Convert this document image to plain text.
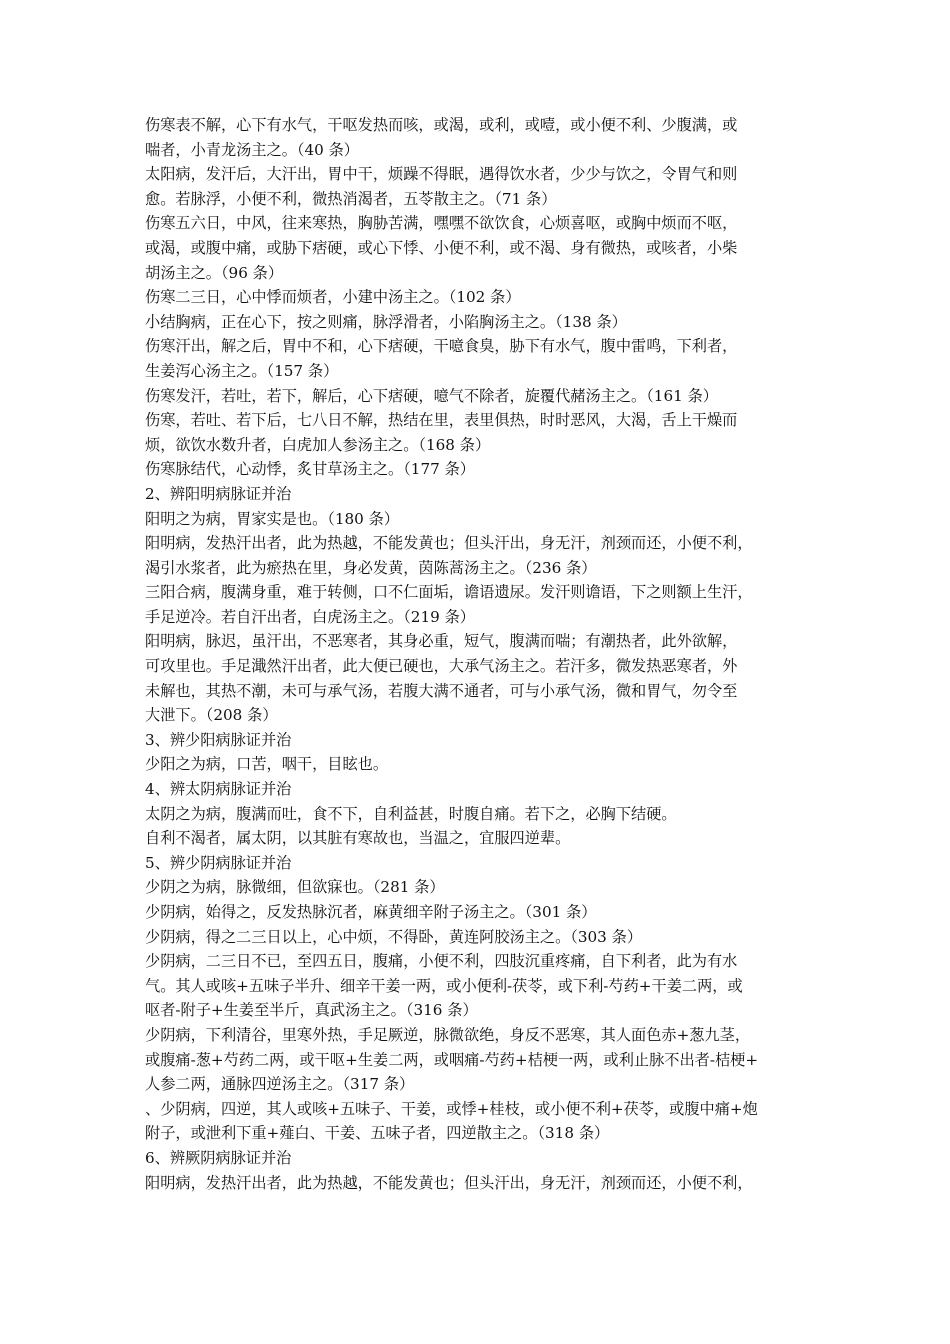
伤寒表不解，心下有水气，干呕发热而咳，或渴，或利，或噎，或小便不利、少腹满，或
喘者，小青龙汤主之。（40 条）
太阳病，发汗后，大汗出，胃中干，烦躁不得眠，遇得饮水者，少少与饮之，令胃气和则
愈。若脉浮，小便不利，微热消渴者，五苓散主之。（71 条）
伤寒五六日，中风，往来寒热，胸胁苦满，嘿嘿不欲饮食，心烦喜呕，或胸中烦而不呕，
或渴，或腹中痛，或胁下痞硬，或心下悸、小便不利，或不渴、身有微热，或咳者，小柴
胡汤主之。（96 条）
伤寒二三日，心中悸而烦者，小建中汤主之。（102 条）
小结胸病，正在心下，按之则痛，脉浮滑者，小陷胸汤主之。（138 条）
伤寒汗出，解之后，胃中不和，心下痞硬，干噫食臭，胁下有水气，腹中雷鸣，下利者，
生姜泻心汤主之。（157 条）
伤寒发汗，若吐，若下，解后，心下痞硬，噫气不除者，旋覆代赭汤主之。（161 条）
伤寒，若吐、若下后，七八日不解，热结在里，表里俱热，时时恶风，大渴，舌上干燥而
烦，欲饮水数升者，白虎加人参汤主之。（168 条）
伤寒脉结代，心动悸，炙甘草汤主之。（177 条）
2、辨阳明病脉证并治
阳明之为病，胃家实是也。（180 条）
阳明病，发热汗出者，此为热越，不能发黄也；但头汗出，身无汗，剂颈而还，小便不利，
渴引水浆者，此为瘀热在里，身必发黄，茵陈蒿汤主之。（236 条）
三阳合病，腹满身重，难于转侧，口不仁面垢，谵语遗尿。发汗则谵语，下之则额上生汗，
手足逆冷。若自汗出者，白虎汤主之。（219 条）
阳明病，脉迟，虽汗出，不恶寒者，其身必重，短气，腹满而喘；有潮热者，此外欲解，
可攻里也。手足濈然汗出者，此大便已硬也，大承气汤主之。若汗多，微发热恶寒者，外
未解也，其热不潮，未可与承气汤，若腹大满不通者，可与小承气汤，微和胃气，勿令至
大泄下。（208 条）
3、辨少阳病脉证并治
少阳之为病，口苦，咽干，目眩也。
4、辨太阴病脉证并治
太阴之为病，腹满而吐，食不下，自利益甚，时腹自痛。若下之，必胸下结硬。
自利不渴者，属太阴，以其脏有寒故也，当温之，宜服四逆辈。
5、辨少阴病脉证并治
少阴之为病，脉微细，但欲寐也。（281 条）
少阴病，始得之，反发热脉沉者，麻黄细辛附子汤主之。（301 条）
少阴病，得之二三日以上，心中烦，不得卧，黄连阿胶汤主之。（303 条）
少阴病，二三日不已，至四五日，腹痛，小便不利，四肢沉重疼痛，自下利者，此为有水
气。其人或咳+五味子半升、细辛干姜一两，或小便利-茯苓，或下利-芍药+干姜二两，或
呕者-附子+生姜至半斤，真武汤主之。（316 条）
少阴病，下利清谷，里寒外热，手足厥逆，脉微欲绝，身反不恶寒，其人面色赤+葱九茎，
或腹痛-葱+芍药二两，或干呕+生姜二两，或咽痛-芍药+桔梗一两，或利止脉不出者-桔梗+
人参二两，通脉四逆汤主之。（317 条）
、少阴病，四逆，其人或咳+五味子、干姜，或悸+桂枝，或小便不利+茯苓，或腹中痛+炮
附子，或泄利下重+薤白、干姜、五味子者，四逆散主之。（318 条）
6、辨厥阴病脉证并治
阳明病，发热汗出者，此为热越，不能发黄也；但头汗出，身无汗，剂颈而还，小便不利，
